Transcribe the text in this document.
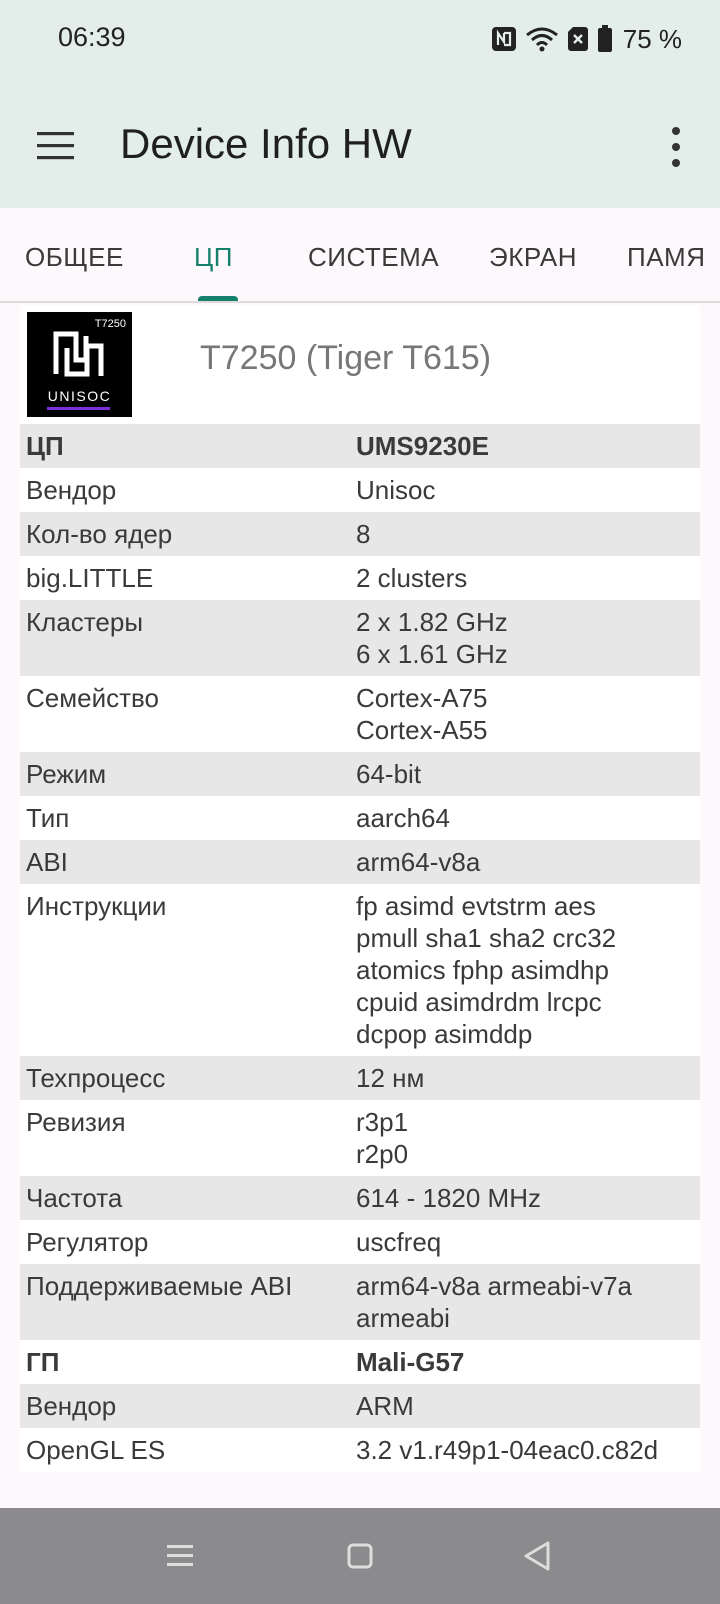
06:39	75 %
Device Info HW
ОБЩЕЕ	ЦП	СИСТЕМА ЭКРАН ПАМЯ
T7250
UNISOC
T7250 (Tiger T615)
ЦП	UMS9230E
Вендор	Unisoc
Кол-во ядер	8
big.LITTLE	2 clusters
Кластеры	2 x 1.82 GHz
6 x 1.61 GHz
Семейство	Cortex-A75
Cortex-A55
Режим	64-bit
Тип	aarch64
ABI	arm64-v8a
Инструкции	fp asimd evtstrm aes
pmull sha1 sha2 crc32
atomics fphp asimdhp
cpuid asimdrdm lrcpc
dcpop asimddp
Техпроцесс	12 нм
Ревизия	r3p1
r2p0
Частота	614 - 1820 MHz
Регулятор	uscfreq
Поддерживаемые ABI	arm64-v8a armeabi-v7a
armeabi
ГП	Mali-G57
Вендор	ARM
OpenGL ES	3.2 v1.r49p1-04eac0.c82d
